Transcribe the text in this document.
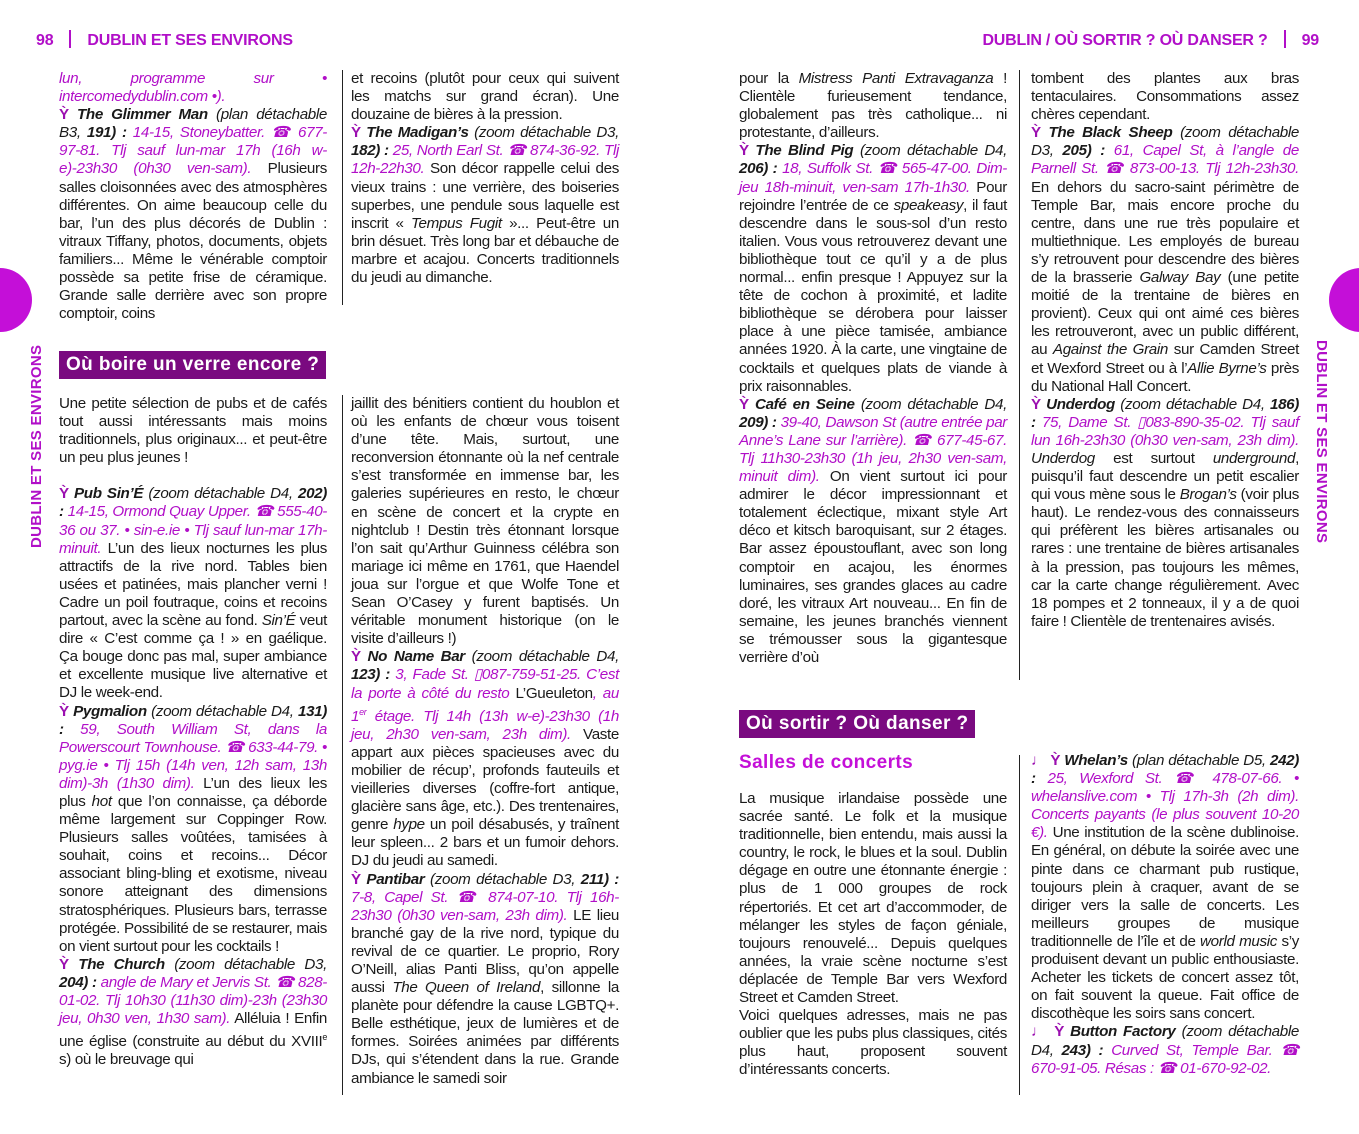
98 DUBLIN ET SES ENVIRONS	DUBLIN / OÙ SORTIR ? OÙ DANSER ? 99
DUBLIN ET SES ENVIRONS	DUBLIN ET SES ENVIRONS

lun, programme sur • intercomedydublin.com •).

Ỳ The Glimmer Man (plan détachable B3, 191) : 14-15, Stoneybatter. ☎ 677-97-81. Tlj sauf lun-mar 17h (16h w-e)-23h30 (0h30 ven-sam). Plusieurs salles cloisonnées avec des atmosphères différentes. On aime beaucoup celle du bar, l’un des plus décorés de Dublin : vitraux Tiffany, photos, documents, objets familiers... Même le vénérable comptoir possède sa petite frise de céramique. Grande salle derrière avec son propre comptoir, coins

et recoins (plutôt pour ceux qui suivent les matchs sur grand écran). Une douzaine de bières à la pression.

Ỳ The Madigan’s (zoom détachable D3, 182) : 25, North Earl St. ☎ 874-36-92. Tlj 12h-22h30. Son décor rappelle celui des vieux trains : une verrière, des boiseries superbes, une pendule sous laquelle est inscrit « Tempus Fugit »... Peut-être un brin désuet. Très long bar et débauche de marbre et acajou. Concerts traditionnels du jeudi au dimanche.

Où boire un verre encore ?

Une petite sélection de pubs et de cafés tout aussi intéressants mais moins traditionnels, plus originaux... et peut-être un peu plus jeunes !

Ỳ Pub Sin’É (zoom détachable D4, 202) : 14-15, Ormond Quay Upper. ☎ 555-40-36 ou 37. • sin-e.ie • Tlj sauf lun-mar 17h-minuit. L’un des lieux nocturnes les plus attractifs de la rive nord. Tables bien usées et patinées, mais plancher verni ! Cadre un poil foutraque, coins et recoins partout, avec la scène au fond. Sin’É veut dire « C’est comme ça ! » en gaélique. Ça bouge donc pas mal, super ambiance et excellente musique live alternative et DJ le week-end.

Ỳ Pygmalion (zoom détachable D4, 131) : 59, South William St, dans la Powerscourt Townhouse. ☎ 633-44-79. • pyg.ie • Tlj 15h (14h ven, 12h sam, 13h dim)-3h (1h30 dim). L’un des lieux les plus hot que l’on connaisse, ça déborde même largement sur Coppinger Row. Plusieurs salles voûtées, tamisées à souhait, coins et recoins... Décor associant bling-bling et exotisme, niveau sonore atteignant des dimensions stratosphériques. Plusieurs bars, terrasse protégée. Possibilité de se restaurer, mais on vient surtout pour les cocktails !

Ỳ The Church (zoom détachable D3, 204) : angle de Mary et Jervis St. ☎ 828-01-02. Tlj 10h30 (11h30 dim)-23h (23h30 jeu, 0h30 ven, 1h30 sam). Alléluia ! Enfin une église (construite au début du XVIIIe s) où le breuvage qui

jaillit des bénitiers contient du houblon et où les enfants de chœur vous toisent d’une tête. Mais, surtout, une reconversion étonnante où la nef centrale s’est transformée en immense bar, les galeries supérieures en resto, le chœur en scène de concert et la crypte en nightclub ! Destin très étonnant lorsque l’on sait qu’Arthur Guinness célébra son mariage ici même en 1761, que Haendel joua sur l’orgue et que Wolfe Tone et Sean O’Casey y furent baptisés. Un véritable monument historique (on le visite d’ailleurs !)

Ỳ No Name Bar (zoom détachable D4, 123) : 3, Fade St. ▯087-759-51-25. C’est la porte à côté du resto L’Gueuleton, au 1er étage. Tlj 14h (13h w-e)-23h30 (1h jeu, 2h30 ven-sam, 23h dim). Vaste appart aux pièces spacieuses avec du mobilier de récup’, profonds fauteuils et vieilleries diverses (coffre-fort antique, glacière sans âge, etc.). Des trentenaires, genre hype un poil désabusés, y traînent leur spleen... 2 bars et un fumoir dehors. DJ du jeudi au samedi.

Ỳ Pantibar (zoom détachable D3, 211) : 7-8, Capel St. ☎ 874-07-10. Tlj 16h-23h30 (0h30 ven-sam, 23h dim). LE lieu branché gay de la rive nord, typique du revival de ce quartier. Le proprio, Rory O’Neill, alias Panti Bliss, qu’on appelle aussi The Queen of Ireland, sillonne la planète pour défendre la cause LGBTQ+. Belle esthétique, jeux de lumières et de formes. Soirées animées par différents DJs, qui s’étendent dans la rue. Grande ambiance le samedi soir

pour la Mistress Panti Extravaganza ! Clientèle furieusement tendance, globalement pas très catholique... ni protestante, d’ailleurs.

Ỳ The Blind Pig (zoom détachable D4, 206) : 18, Suffolk St. ☎ 565-47-00. Dim-jeu 18h-minuit, ven-sam 17h-1h30. Pour rejoindre l’entrée de ce speakeasy, il faut descendre dans le sous-sol d’un resto italien. Vous vous retrouverez devant une bibliothèque tout ce qu’il y a de plus normal... enfin presque ! Appuyez sur la tête de cochon à proximité, et ladite bibliothèque se dérobera pour laisser place à une pièce tamisée, ambiance années 1920. À la carte, une vingtaine de cocktails et quelques plats de viande à prix raisonnables.

Ỳ Café en Seine (zoom détachable D4, 209) : 39-40, Dawson St (autre entrée par Anne’s Lane sur l’arrière). ☎ 677-45-67. Tlj 11h30-23h30 (1h jeu, 2h30 ven-sam, minuit dim). On vient surtout ici pour admirer le décor impressionnant et totalement éclectique, mixant style Art déco et kitsch baroquisant, sur 2 étages. Bar assez époustouflant, avec son long comptoir en acajou, les énormes luminaires, ses grandes glaces au cadre doré, les vitraux Art nouveau... En fin de semaine, les jeunes branchés viennent se trémousser sous la gigantesque verrière d’où

tombent des plantes aux bras tentaculaires. Consommations assez chères cependant.

Ỳ The Black Sheep (zoom détachable D3, 205) : 61, Capel St, à l’angle de Parnell St. ☎ 873-00-13. Tlj 12h-23h30. En dehors du sacro-saint périmètre de Temple Bar, mais encore proche du centre, dans une rue très populaire et multiethnique. Les employés de bureau s’y retrouvent pour descendre des bières de la brasserie Galway Bay (une petite moitié de la trentaine de bières en provient). Ceux qui ont aimé ces bières les retrouveront, avec un public différent, au Against the Grain sur Camden Street et Wexford Street ou à l’Allie Byrne’s près du National Hall Concert.

Ỳ Underdog (zoom détachable D4, 186) : 75, Dame St. ▯083-890-35-02. Tlj sauf lun 16h-23h30 (0h30 ven-sam, 23h dim). Underdog est surtout underground, puisqu’il faut descendre un petit escalier qui vous mène sous le Brogan’s (voir plus haut). Le rendez-vous des connaisseurs qui préfèrent les bières artisanales ou rares : une trentaine de bières artisanales à la pression, pas toujours les mêmes, car la carte change régulièrement. Avec 18 pompes et 2 tonneaux, il y a de quoi faire ! Clientèle de trentenaires avisés.

Où sortir ? Où danser ?
Salles de concerts

La musique irlandaise possède une sacrée santé. Le folk et la musique traditionnelle, bien entendu, mais aussi la country, le rock, le blues et la soul. Dublin dégage en outre une étonnante énergie : plus de 1 000 groupes de rock répertoriés. Et cet art d’accommoder, de mélanger les styles de façon géniale, toujours renouvelé... Depuis quelques années, la vraie scène nocturne s’est déplacée de Temple Bar vers Wexford Street et Camden Street.

Voici quelques adresses, mais ne pas oublier que les pubs plus classiques, cités plus haut, proposent souvent d’intéressants concerts.

♩ Ỳ Whelan’s (plan détachable D5, 242) : 25, Wexford St. ☎ 478-07-66. • whelanslive.com • Tlj 17h-3h (2h dim). Concerts payants (le plus souvent 10-20 €). Une institution de la scène dublinoise. En général, on débute la soirée avec une pinte dans ce charmant pub rustique, toujours plein à craquer, avant de se diriger vers la salle de concerts. Les meilleurs groupes de musique traditionnelle de l’île et de world music s’y produisent devant un public enthousiaste. Acheter les tickets de concert assez tôt, on fait souvent la queue. Fait office de discothèque les soirs sans concert.

♩ Ỳ Button Factory (zoom détachable D4, 243) : Curved St, Temple Bar. ☎ 670-91-05. Résas : ☎ 01-670-92-02.
